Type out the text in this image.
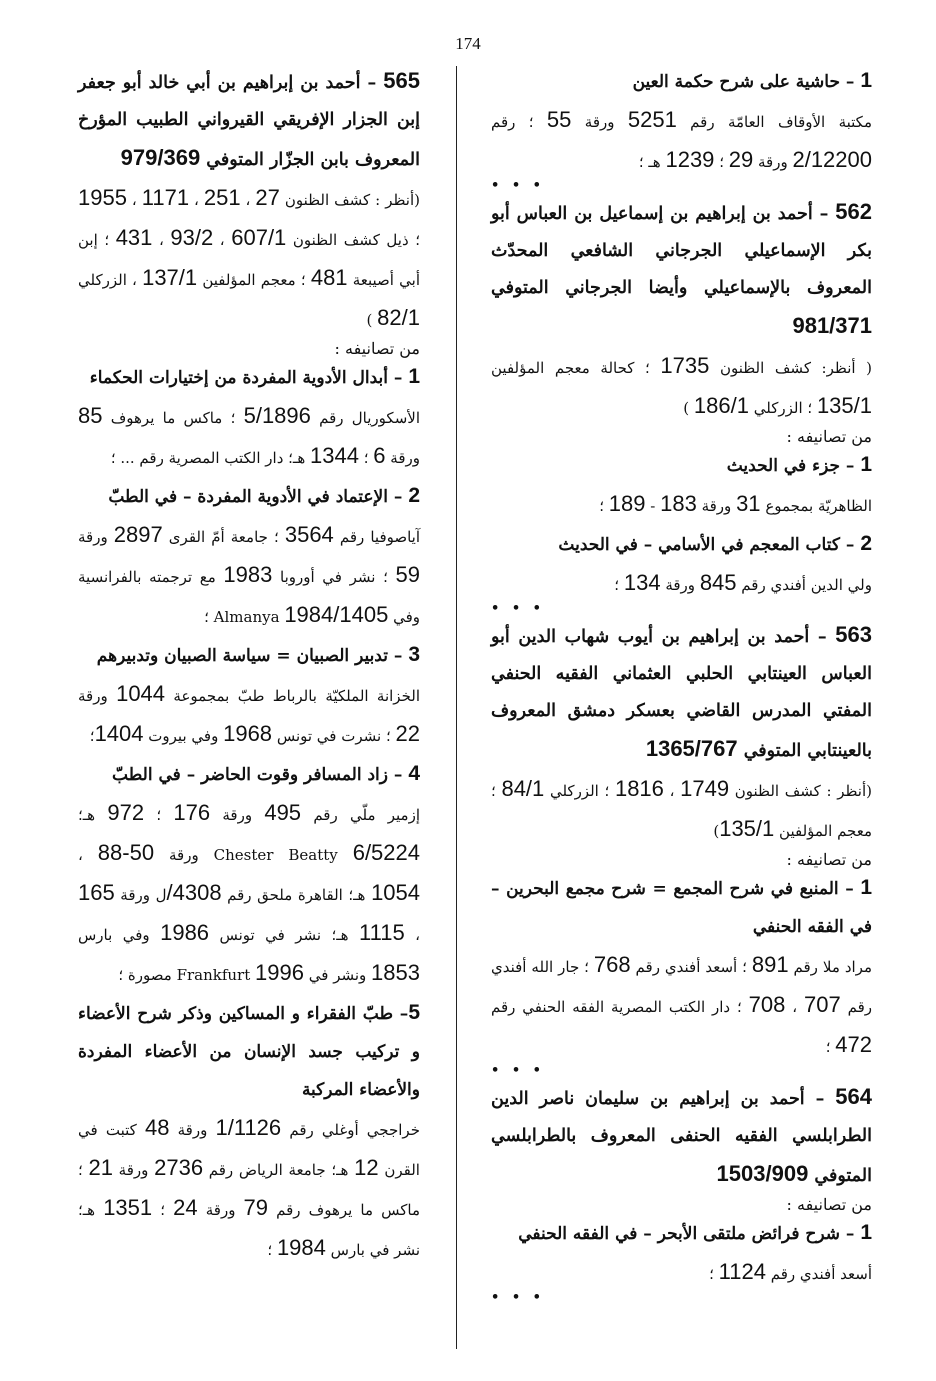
174
1 – حاشية على شرح حكمة العين
مكتبة الأوقاف العامّة رقم 5251 ورقة 55 ؛ رقم 2/12200 ورقة 29 ؛ 1239 هـ ؛
• • •
562 – أحمد بن إبراهيم بن إسماعيل بن العباس أبو بكر الإسماعيلي الجرجاني الشافعي المحدّث المعروف بالإسماعيلي وأيضا الجرجاني المتوفي 981/371
( أنظر: كشف الظنون 1735 ؛ كحالة معجم المؤلفين 135/1 ؛ الزركلي 186/1 )
من تصانيفه :
1 – جزء في الحديث
الظاهريّة بمجموع 31 ورقة 183 - 189 ؛
2 – كتاب المعجم في الأسامي – في الحديث
ولي الدين أفندي رقم 845 ورقة 134 ؛
• • •
563 – أحمد بن إبراهيم بن أيوب شهاب الدين أبو العباس العينتابي الحلبي العثماني الفقيه الحنفي المفتي المدرس القاضي بعسكر دمشق المعروف بالعينتابي المتوفي 1365/767
(أنظر : كشف الظنون 1749 ، 1816 ؛ الزركلي 84/1 ؛ معجم المؤلفين 135/1)
من تصانيفه :
1 – المنبع في شرح المجمع = شرح مجمع البحرين – في الفقه الحنفي
مراد ملا رقم 891 ؛ أسعد أفندي رقم 768 ؛ جار الله أفندي رقم 707 ، 708 ؛ دار الكتب المصرية الفقه الحنفي رقم 472 ؛
• • •
564 – أحمد بن إبراهيم بن سليمان ناصر الدين الطرابلسي الفقيه الحنفى المعروف بالطرابلسي المتوفي 1503/909
من تصانيفه :
1 – شرح فرائض ملتقى الأبحر – في الفقه الحنفي
أسعد أفندي رقم 1124 ؛
• • •
565 – أحمد بن إبراهيم بن أبي خالد أبو جعفر إبن الجزار الإفريقي القيرواني الطبيب المؤرخ المعروف بابن الجزّار المتوفي 979/369
(أنظر : كشف الظنون 27 ، 251 ، 1171 ، 1955 ؛ ذيل كشف الظنون 607/1 ، 93/2 ، 431 ؛ إبن أبي أصيبعة 481 ؛ معجم المؤلفين 137/1 ، الزركلي 82/1 )
من تصانيفه :
1 – أبدال الأدوية المفردة من إختيارات الحكماء
الأسكوريال رقم 5/1896 ؛ ماكس ما يرهوف 85 ورقة 6 ؛ 1344 هـ؛ دار الكتب المصرية رقم ... ؛
2 – الإعتماد في الأدوية المفردة – في الطبّ
آياصوفيا رقم 3564 ؛ جامعة أمّ القرى 2897 ورقة 59 ؛ نشر في أوروبا 1983 مع ترجمته بالفرانسية وفي Almanya 1984/1405 ؛
3 – تدبير الصبيان = سياسة الصبيان وتدبيرهم
الخزانة الملكيّة بالرباط طبّ بمجموعة 1044 ورقة 22 ؛ نشرت في تونس 1968 وفي بيروت 1404؛
4 – زاد المسافر وقوت الحاضر – في الطبّ
إزمير ملّي رقم 495 ورقة 176 ؛ 972 هـ؛ Chester Beatty 6/5224 ورقة 50-88 ، 1054 هـ؛ القاهرة ملحق رقم 4308/ل ورقة 165 ، 1115 هـ؛ نشر في تونس 1986 وفي بارس 1853 ونشر في Frankfurt 1996 مصورة ؛
5– طبّ الفقراء و المساكين وذكر شرح الأعضاء و تركيب جسد الإنسان من الأعضاء المفردة والأعضاء المركبة
خراججي أوغلي رقم 1/1126 ورقة 48 كتبت في القرن 12 هـ؛ جامعة الرياض رقم 2736 ورقة 21 ؛ ماكس ما يرهوف رقم 79 ورقة 24 ؛ 1351 هـ؛ نشر في بارس 1984 ؛
